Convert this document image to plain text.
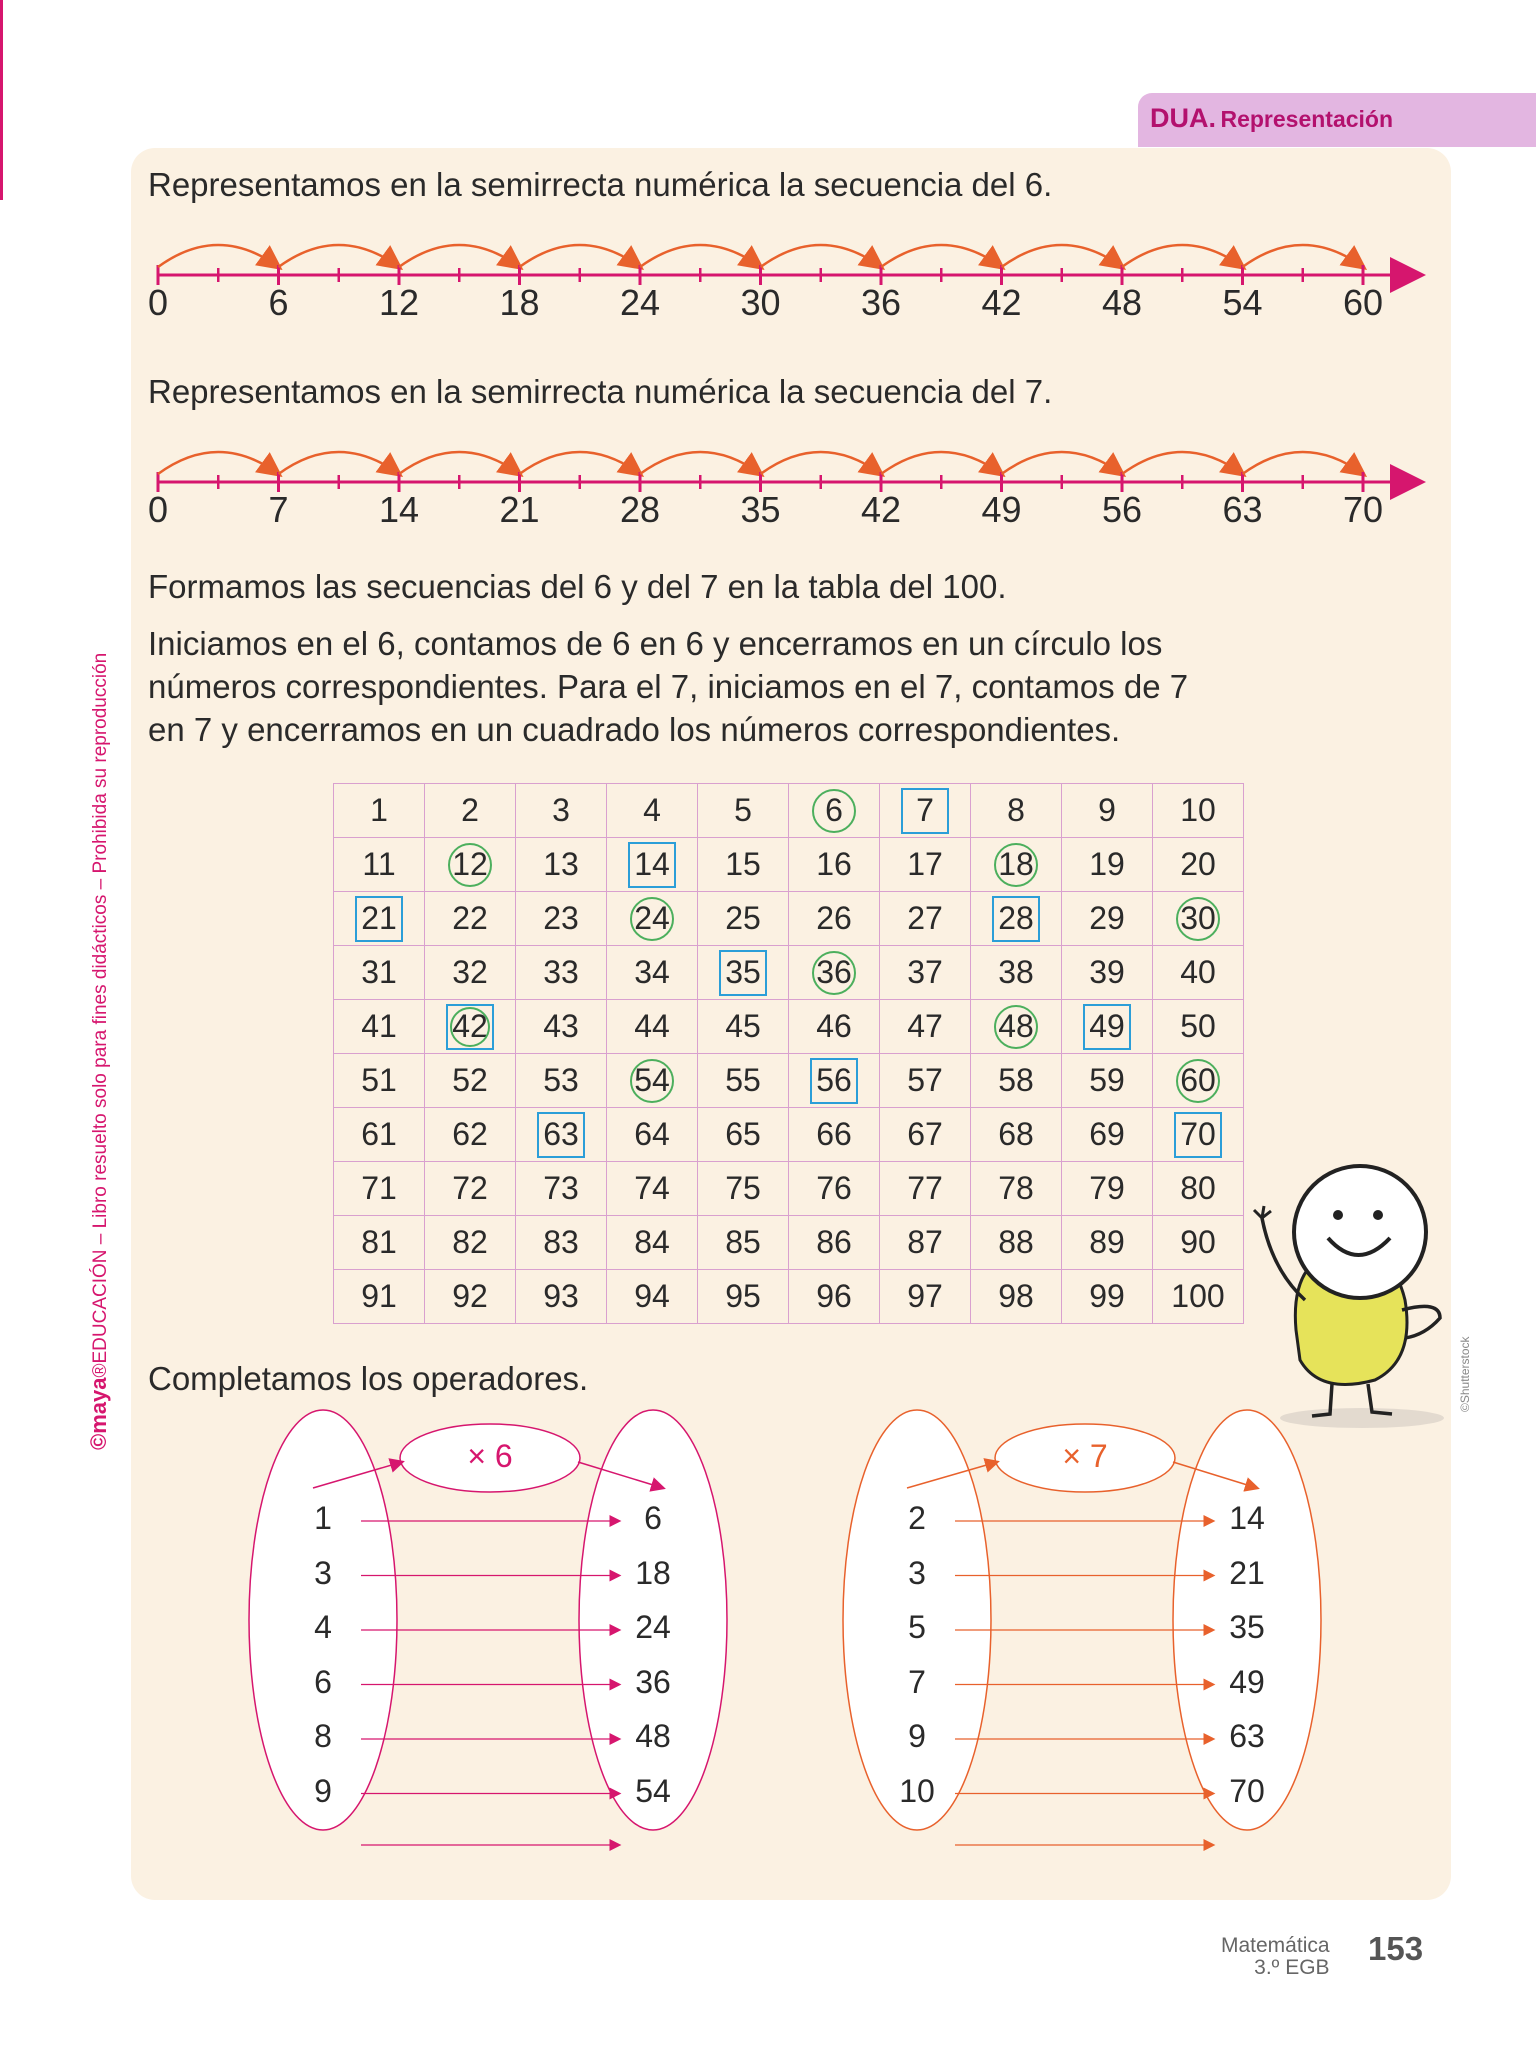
DUA. Representación
©maya®EDUCACIÓN – Libro resuelto solo para fines didácticos – Prohibida su reproducción
Representamos en la semirrecta numérica la secuencia del 6.
Representamos en la semirrecta numérica la secuencia del 7.
0	6	12 18 24 30 36 42 48 54 60
0	7	14 21 28 35 42 49 56 63 70
Formamos las secuencias del 6 y del 7 en la tabla del 100.
Iniciamos en el 6, contamos de 6 en 6 y encerramos en un círculo los
números correspondientes. Para el 7, iniciamos en el 7, contamos de 7
en 7 y encerramos en un cuadrado los números correspondientes.
1	2	3	4	5	6	7	8	9	10
11	12	13	14	15	16	17	18	19	20
21	22	23	24	25	26	27	28	29	30
31	32	33	34	35	36	37	38	39	40
41	42	43	44	45	46	47	48	49	50
51	52	53	54	55	56	57	58	59	60
61	62	63	64	65	66	67	68	69	70
71	72	73	74	75	76	77	78	79	80
81	82	83	84	85	86	87	88	89	90
91	92	93	94	95	96	97	98	99	100
©Shutterstock
Completamos los operadores.
× 6
1	6
3	18
4	24
6	36
8	48
9	54
× 7
2	14
3	21
5	35
7	49
9	63
10	70
Matemática
3.º EGB
153
